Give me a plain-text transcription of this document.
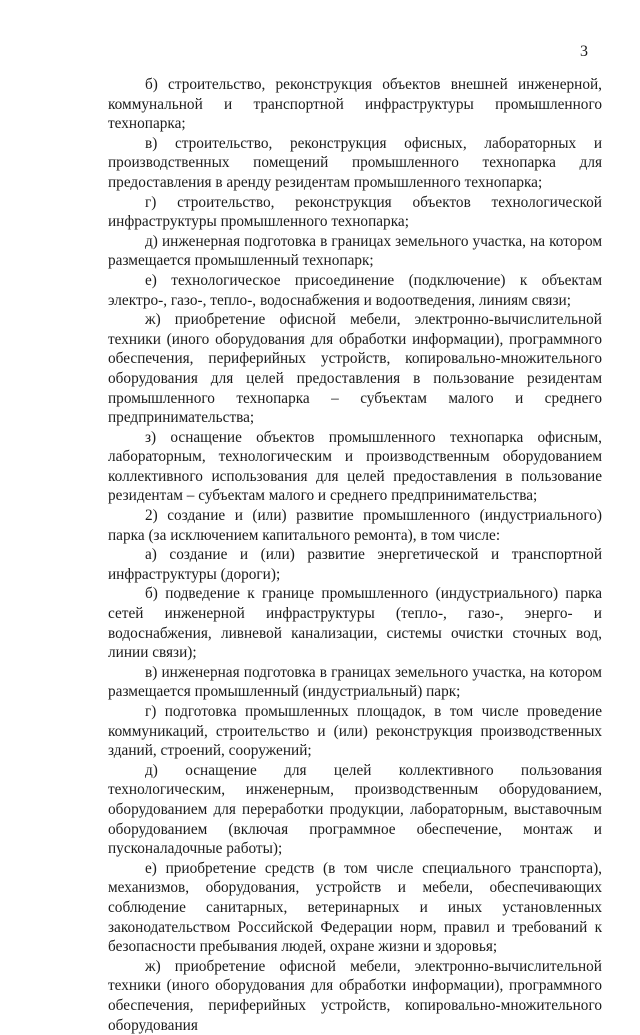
3

б) строительство, реконструкция объектов внешней инженерной, коммунальной и транспортной инфраструктуры промышленного технопарка;

в) строительство, реконструкция офисных, лабораторных и производственных помещений промышленного технопарка для предоставления в аренду резидентам промышленного технопарка;

г) строительство, реконструкция объектов технологической инфраструктуры промышленного технопарка;

д) инженерная подготовка в границах земельного участка, на котором размещается промышленный технопарк;

е) технологическое присоединение (подключение) к объектам электро-, газо-, тепло-, водоснабжения и водоотведения, линиям связи;

ж) приобретение офисной мебели, электронно-вычислительной техники (иного оборудования для обработки информации), программного обеспечения, периферийных устройств, копировально-множительного оборудования для целей предоставления в пользование резидентам промышленного технопарка – субъектам малого и среднего предпринимательства;

з) оснащение объектов промышленного технопарка офисным, лабораторным, технологическим и производственным оборудованием коллективного использования для целей предоставления в пользование резидентам – субъектам малого и среднего предпринимательства;

2) создание и (или) развитие промышленного (индустриального) парка (за исключением капитального ремонта), в том числе:

а) создание и (или) развитие энергетической и транспортной инфраструктуры (дороги);

б) подведение к границе промышленного (индустриального) парка сетей инженерной инфраструктуры (тепло-, газо-, энерго- и водоснабжения, ливневой канализации, системы очистки сточных вод, линии связи);

в) инженерная подготовка в границах земельного участка, на котором размещается промышленный (индустриальный) парк;

г) подготовка промышленных площадок, в том числе проведение коммуникаций, строительство и (или) реконструкция производственных зданий, строений, сооружений;

д) оснащение для целей коллективного пользования технологическим, инженерным, производственным оборудованием, оборудованием для переработки продукции, лабораторным, выставочным оборудованием (включая программное обеспечение, монтаж и пусконаладочные работы);

е) приобретение средств (в том числе специального транспорта), механизмов, оборудования, устройств и мебели, обеспечивающих соблюдение санитарных, ветеринарных и иных установленных законодательством Российской Федерации норм, правил и требований к безопасности пребывания людей, охране жизни и здоровья;

ж) приобретение офисной мебели, электронно-вычислительной техники (иного оборудования для обработки информации), программного обеспечения, периферийных устройств, копировально-множительного оборудования
